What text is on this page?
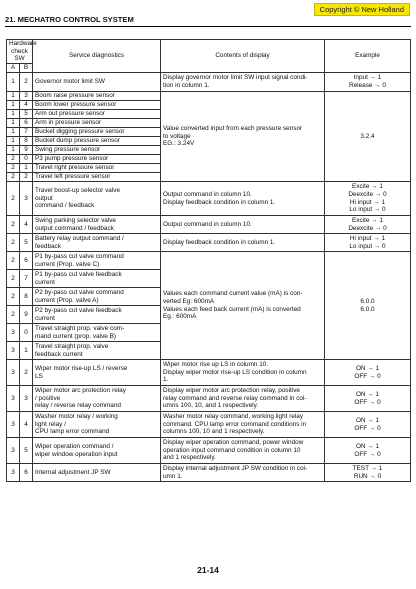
Copyright © New Holland
21. MECHATRO CONTROL SYSTEM
Hardware check SW		Service diagnostics	Contents of display	Example
A	B			
1	2	Governor motor limit SW	Display governor motor limit SW input signal condi-
tion in column 1.	Input → 1
Release → 0
1	3	Boom raise pressure sensor	Value converted input from each pressure sensor
to voltage
EG.: 3.24V	3.2.4
1	4	Boom lower pressure sensor		
1	5	Arm out pressure sensor		
1	6	Arm in pressure sensor		
1	7	Bucket digging pressure sensor		
1	8	Bucket dump pressure sensor		
1	9	Swing pressure sensor		
2	0	P3 pump pressure sensor		
2	1	Travel right pressure sensor		
2	2	Travel left pressure sensor		
2	3	Travel boost-up selector valve
output
command / feedback	Output command in column 10.
Display feedback condition in column 1.	Excite → 1
Deexcite → 0
Hi input → 1
Lo input → 0
2	4	Swing parking selector valve
output command / feedback	Output command in column 10.	Excite → 1
Deexcite → 0
2	5	Battery relay output command /
feedback	Display feedback condition in column 1.	Hi input → 1
Lo input → 0
2	6	P1 by-pass cut valve command
current (Prop. valve C)	Values each command current value (mA) is con-
verted Eg: 600mA
Values each feed back current (mA) is converted
Eg.: 600mA	6.0.0
6.0.0
2	7	P1 by-pass cut valve feedback
current		
2	8	P2 by-pass cut valve command
current (Prop. valve A)		
2	9	P2 by-pass cut valve feedback
current		
3	0	Travel straight prop. valve com-
mand current (prop. valve B)		
3	1	Travel straight prop. valve
feedback current		
3	2	Wiper motor rise-up LS / reverse
LS	Wiper motor rise up LS in column 10.
Display wiper motor rise-up LS condition in column
1.	ON → 1
OFF → 0
3	3	Wiper motor arc protection relay
/ positive
relay / reverse relay command	Display wiper motor arc protection relay, positive
relay command and reverse relay command in col-
umns 100, 10, and 1 respectively.	ON → 1
OFF → 0
3	4	Washer motor relay / working
light relay /
CPU lamp error command	Washer motor relay command, working light relay
command. CPU lamp error command conditions in
columns 100, 10 and 1 respectively.	ON → 1
OFF → 0
3	5	Wiper operation command /
wiper window operation input	Display wiper operation command, power window
operation input command condition in column 10
and 1 respectively.	ON → 1
OFF → 0
3	6	Internal adjustment JP SW	Display internal adjustment JP SW condition in col-
umn 1.	TEST → 1
RUN → 0
21-14
